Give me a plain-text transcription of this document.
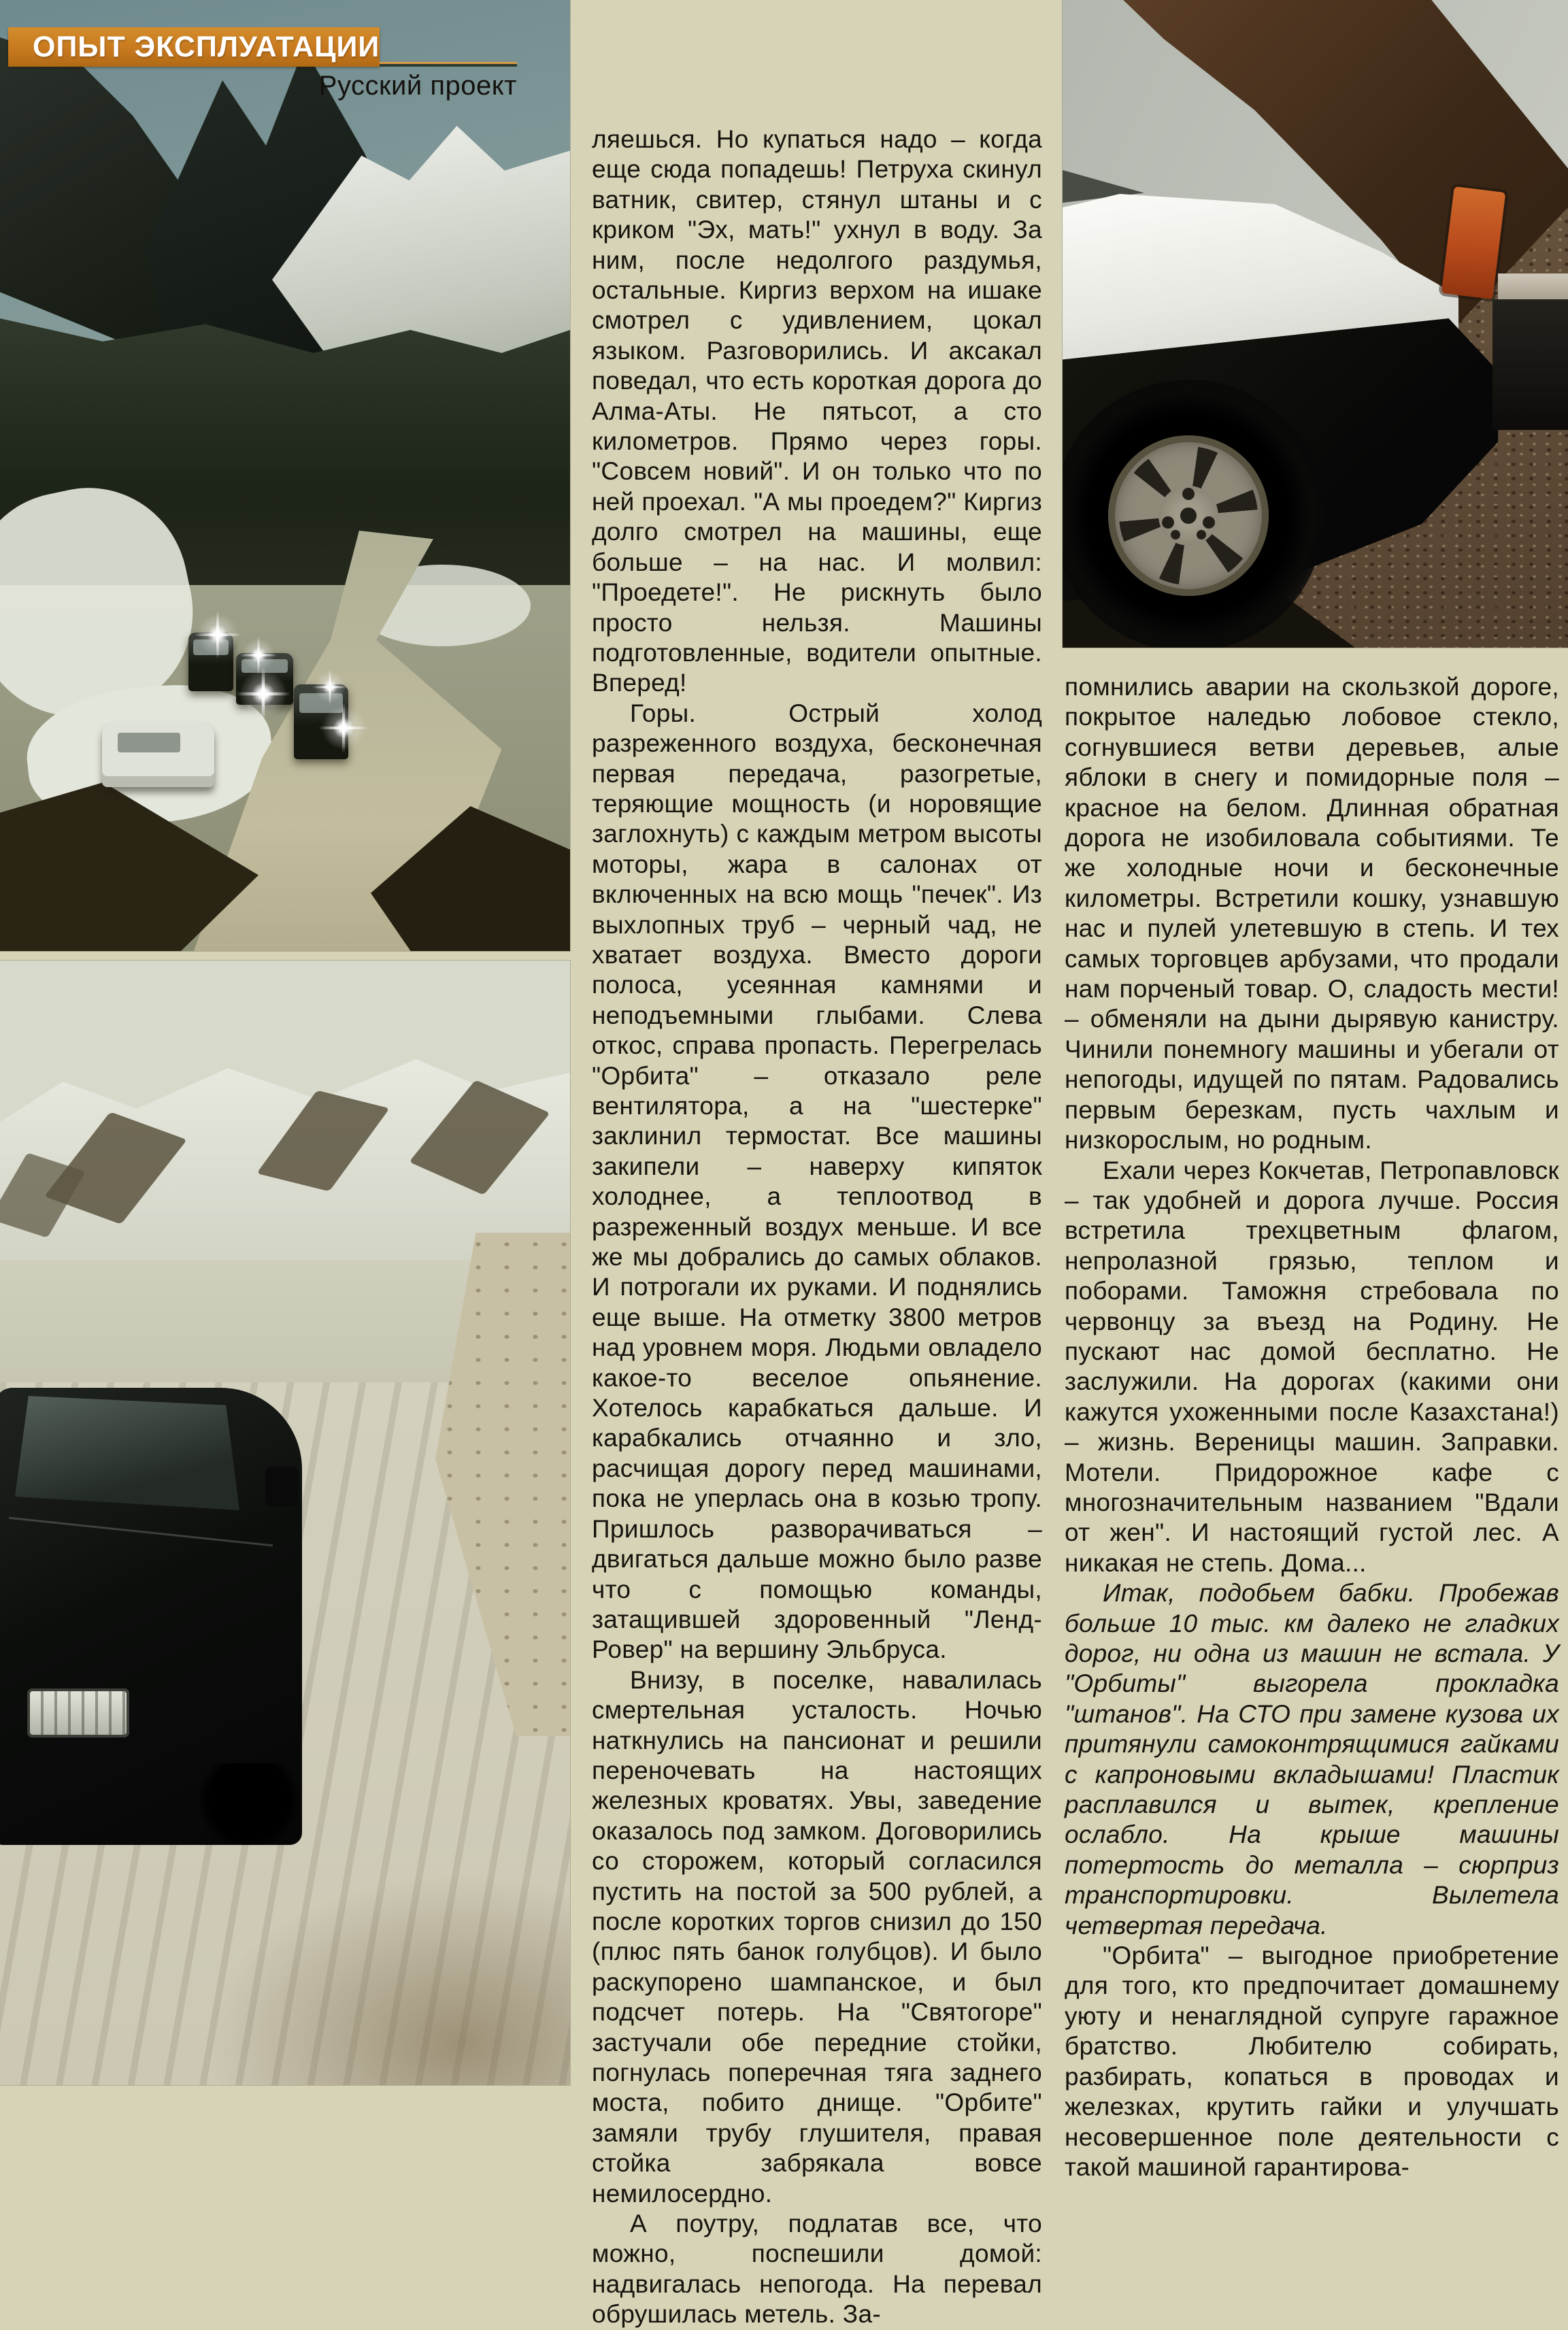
ОПЫТ ЭКСПЛУАТАЦИИ
Русский проект

ляешься. Но купаться надо – когда еще сюда попадешь! Петруха скинул ватник, свитер, стянул штаны и с криком "Эх, мать!" ухнул в воду. За ним, после недолгого раздумья, остальные. Киргиз верхом на ишаке смотрел с удивлением, цокал языком. Разговорились. И аксакал поведал, что есть короткая дорога до Алма-Аты. Не пятьсот, а сто километров. Прямо через горы. "Совсем новий". И он только что по ней проехал. "А мы проедем?" Киргиз долго смотрел на машины, еще больше – на нас. И молвил: "Проедете!". Не рискнуть было просто нельзя. Машины подготовленные, водители опытные. Вперед!

Горы. Острый холод разреженного воздуха, бесконечная первая передача, разогретые, теряющие мощность (и норовящие заглохнуть) с каждым метром высоты моторы, жара в салонах от включенных на всю мощь "печек". Из выхлопных труб – черный чад, не хватает воздуха. Вместо дороги полоса, усеянная камнями и неподъемными глыбами. Слева откос, справа пропасть. Перегрелась "Орбита" – отказало реле вентилятора, а на "шестерке" заклинил термостат. Все машины закипели – наверху кипяток холоднее, а теплоотвод в разреженный воздух меньше. И все же мы добрались до самых облаков. И потрогали их руками. И поднялись еще выше. На отметку 3800 метров над уровнем моря. Людьми овладело какое-то веселое опьянение. Хотелось карабкаться дальше. И карабкались отчаянно и зло, расчищая дорогу перед машинами, пока не уперлась она в козью тропу. Пришлось разворачиваться – двигаться дальше можно было разве что с помощью команды, затащившей здоровенный "Ленд-Ровер" на вершину Эльбруса.

Внизу, в поселке, навалилась смертельная усталость. Ночью наткнулись на пансионат и решили переночевать на настоящих железных кроватях. Увы, заведение оказалось под замком. Договорились со сторожем, который согласился пустить на постой за 500 рублей, а после коротких торгов снизил до 150 (плюс пять банок голубцов). И было раскупорено шампанское, и был подсчет потерь. На "Святогоре" застучали обе передние стойки, погнулась поперечная тяга заднего моста, побито днище. "Орбите" замяли трубу глушителя, правая стойка забрякала вовсе немилосердно.

А поутру, подлатав все, что можно, поспешили домой: надвигалась непогода. На перевал обрушилась метель. За-

помнились аварии на скользкой дороге, покрытое наледью лобовое стекло, согнувшиеся ветви деревьев, алые яблоки в снегу и помидорные поля – красное на белом. Длинная обратная дорога не изобиловала событиями. Те же холодные ночи и бесконечные километры. Встретили кошку, узнавшую нас и пулей улетевшую в степь. И тех самых торговцев арбузами, что продали нам порченый товар. О, сладость мести! – обменяли на дыни дырявую канистру. Чинили понемногу машины и убегали от непогоды, идущей по пятам. Радовались первым березкам, пусть чахлым и низкорослым, но родным.

Ехали через Кокчетав, Петропавловск – так удобней и дорога лучше. Россия встретила трехцветным флагом, непролазной грязью, теплом и поборами. Таможня стребовала по червонцу за въезд на Родину. Не пускают нас домой бесплатно. Не заслужили. На дорогах (какими они кажутся ухоженными после Казахстана!) – жизнь. Вереницы машин. Заправки. Мотели. Придорожное кафе с многозначительным названием "Вдали от жен". И настоящий густой лес. А никакая не степь. Дома...

Итак, подобьем бабки. Пробежав больше 10 тыс. км далеко не гладких дорог, ни одна из машин не встала. У "Орбиты" выгорела прокладка "штанов". На СТО при замене кузова их притянули самоконтрящимися гайками с капроновыми вкладышами! Пластик расплавился и вытек, крепление ослабло. На крыше машины потертость до металла – сюрприз транспортировки. Вылетела четвертая передача.

"Орбита" – выгодное приобретение для того, кто предпочитает домашнему уюту и ненаглядной супруге гаражное братство. Любителю собирать, разбирать, копаться в проводах и железках, крутить гайки и улучшать несовершенное поле деятельности с такой машиной гарантирова-
